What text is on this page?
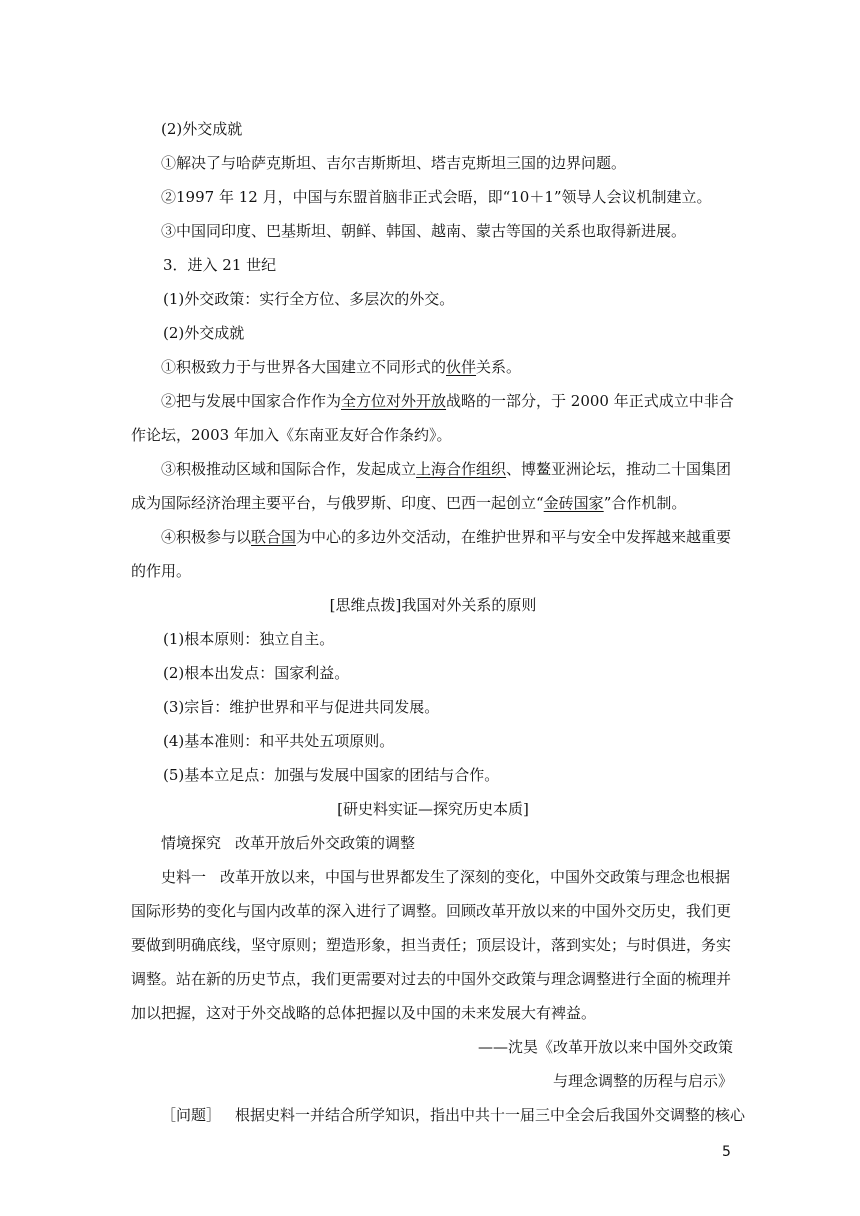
(2)外交成就

①解决了与哈萨克斯坦、吉尔吉斯斯坦、塔吉克斯坦三国的边界问题。

②1997 年 12 月，中国与东盟首脑非正式会晤，即“10＋1”领导人会议机制建立。

③中国同印度、巴基斯坦、朝鲜、韩国、越南、蒙古等国的关系也取得新进展。

3．进入 21 世纪

(1)外交政策：实行全方位、多层次的外交。

(2)外交成就

①积极致力于与世界各大国建立不同形式的伙伴关系。

②把与发展中国家合作作为全方位对外开放战略的一部分，于 2000 年正式成立中非合作论坛，2003 年加入《东南亚友好合作条约》。

③积极推动区域和国际合作，发起成立上海合作组织、博鳌亚洲论坛，推动二十国集团成为国际经济治理主要平台，与俄罗斯、印度、巴西一起创立“金砖国家”合作机制。

④积极参与以联合国为中心的多边外交活动，在维护世界和平与安全中发挥越来越重要的作用。

[思维点拨]我国对外关系的原则

(1)根本原则：独立自主。

(2)根本出发点：国家利益。

(3)宗旨：维护世界和平与促进共同发展。

(4)基本准则：和平共处五项原则。

(5)基本立足点：加强与发展中国家的团结与合作。

[研史料实证—探究历史本质]

情境探究 改革开放后外交政策的调整

史料一 改革开放以来，中国与世界都发生了深刻的变化，中国外交政策与理念也根据国际形势的变化与国内改革的深入进行了调整。回顾改革开放以来的中国外交历史，我们更要做到明确底线，坚守原则；塑造形象，担当责任；顶层设计，落到实处；与时俱进，务实调整。站在新的历史节点，我们更需要对过去的中国外交政策与理念调整进行全面的梳理并加以把握，这对于外交战略的总体把握以及中国的未来发展大有裨益。

——沈昊《改革开放以来中国外交政策

与理念调整的历程与启示》

［问题］ 根据史料一并结合所学知识，指出中共十一届三中全会后我国外交调整的核心

5
